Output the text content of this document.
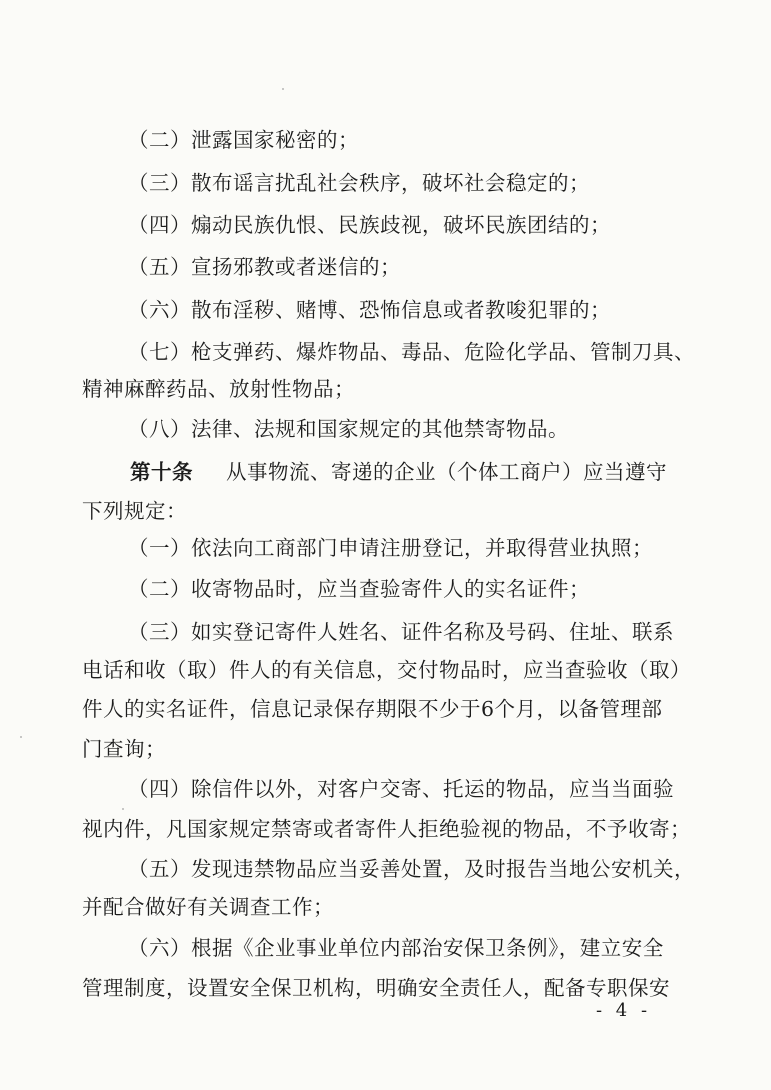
（二）泄露国家秘密的；
（三）散布谣言扰乱社会秩序，破坏社会稳定的；
（四）煽动民族仇恨、民族歧视，破坏民族团结的；
（五）宣扬邪教或者迷信的；
（六）散布淫秽、赌博、恐怖信息或者教唆犯罪的；
（七）枪支弹药、爆炸物品、毒品、危险化学品、管制刀具、
精神麻醉药品、放射性物品；
（八）法律、法规和国家规定的其他禁寄物品。
第十条 从事物流、寄递的企业（个体工商户）应当遵守
下列规定：
（一）依法向工商部门申请注册登记，并取得营业执照；
（二）收寄物品时，应当查验寄件人的实名证件；
（三）如实登记寄件人姓名、证件名称及号码、住址、联系
电话和收（取）件人的有关信息，交付物品时，应当查验收（取）
件人的实名证件，信息记录保存期限不少于6个月，以备管理部
门查询；
（四）除信件以外，对客户交寄、托运的物品，应当当面验
视内件，凡国家规定禁寄或者寄件人拒绝验视的物品，不予收寄；
（五）发现违禁物品应当妥善处置，及时报告当地公安机关，
并配合做好有关调查工作；
（六）根据《企业事业单位内部治安保卫条例》，建立安全
管理制度，设置安全保卫机构，明确安全责任人，配备专职保安
- 4 -
